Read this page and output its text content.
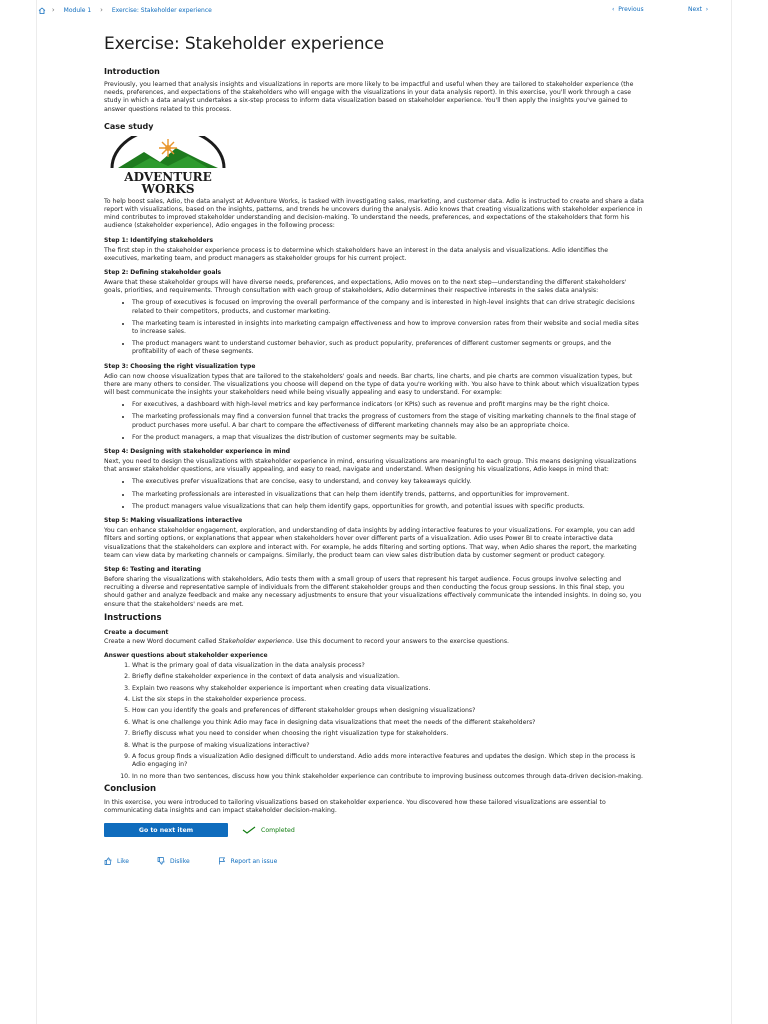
› Module 1 › Exercise: Stakeholder experience	‹  Previous	Next  ›
Exercise: Stakeholder experience
Introduction

Previously, you learned that analysis insights and visualizations in reports are more likely to be impactful and useful when they are tailored to stakeholder experience (the needs, preferences, and expectations of the stakeholders who will engage with the visualizations in your data analysis report). In this exercise, you'll work through a case study in which a data analyst undertakes a six-step process to inform data visualization based on stakeholder experience. You'll then apply the insights you've gained to answer questions related to this process.

Case study
ADVENTURE
WORKS

To help boost sales, Adio, the data analyst at Adventure Works, is tasked with investigating sales, marketing, and customer data. Adio is instructed to create and share a data report with visualizations, based on the insights, patterns, and trends he uncovers during the analysis. Adio knows that creating visualizations with stakeholder experience in mind contributes to improved stakeholder understanding and decision-making. To understand the needs, preferences, and expectations of the stakeholders that form his audience (stakeholder experience), Adio engages in the following process:

Step 1: Identifying stakeholders

The first step in the stakeholder experience process is to determine which stakeholders have an interest in the data analysis and visualizations. Adio identifies the executives, marketing team, and product managers as stakeholder groups for his current project.

Step 2: Defining stakeholder goals

Aware that these stakeholder groups will have diverse needs, preferences, and expectations, Adio moves on to the next step—understanding the different stakeholders' goals, priorities, and requirements. Through consultation with each group of stakeholders, Adio determines their respective interests in the sales data analysis:

• The group of executives is focused on improving the overall performance of the company and is interested in high-level insights that can drive strategic decisions related to their competitors, products, and customer marketing.
• The marketing team is interested in insights into marketing campaign effectiveness and how to improve conversion rates from their website and social media sites to increase sales.
• The product managers want to understand customer behavior, such as product popularity, preferences of different customer segments or groups, and the profitability of each of these segments.
Step 3: Choosing the right visualization type

Adio can now choose visualization types that are tailored to the stakeholders' goals and needs. Bar charts, line charts, and pie charts are common visualization types, but there are many others to consider. The visualizations you choose will depend on the type of data you're working with. You also have to think about which visualization types will best communicate the insights your stakeholders need while being visually appealing and easy to understand. For example:

• For executives, a dashboard with high-level metrics and key performance indicators (or KPIs) such as revenue and profit margins may be the right choice.
• The marketing professionals may find a conversion funnel that tracks the progress of customers from the stage of visiting marketing channels to the final stage of product purchases more useful. A bar chart to compare the effectiveness of different marketing channels may also be an appropriate choice.
• For the product managers, a map that visualizes the distribution of customer segments may be suitable.
Step 4: Designing with stakeholder experience in mind

Next, you need to design the visualizations with stakeholder experience in mind, ensuring visualizations are meaningful to each group. This means designing visualizations that answer stakeholder questions, are visually appealing, and easy to read, navigate and understand. When designing his visualizations, Adio keeps in mind that:

• The executives prefer visualizations that are concise, easy to understand, and convey key takeaways quickly.
• The marketing professionals are interested in visualizations that can help them identify trends, patterns, and opportunities for improvement.
• The product managers value visualizations that can help them identify gaps, opportunities for growth, and potential issues with specific products.
Step 5: Making visualizations interactive

You can enhance stakeholder engagement, exploration, and understanding of data insights by adding interactive features to your visualizations. For example, you can add filters and sorting options, or explanations that appear when stakeholders hover over different parts of a visualization. Adio uses Power BI to create interactive data visualizations that the stakeholders can explore and interact with. For example, he adds filtering and sorting options. That way, when Adio shares the report, the marketing team can view data by marketing channels or campaigns. Similarly, the product team can view sales distribution data by customer segment or product category.

Step 6: Testing and iterating

Before sharing the visualizations with stakeholders, Adio tests them with a small group of users that represent his target audience. Focus groups involve selecting and recruiting a diverse and representative sample of individuals from the different stakeholder groups and then conducting the focus group sessions. In this final step, you should gather and analyze feedback and make any necessary adjustments to ensure that your visualizations effectively communicate the intended insights. In doing so, you ensure that the stakeholders' needs are met.

Instructions
Create a document

Create a new Word document called Stakeholder experience. Use this document to record your answers to the exercise questions.

Answer questions about stakeholder experience
1. What is the primary goal of data visualization in the data analysis process?
2. Briefly define stakeholder experience in the context of data analysis and visualization.
3. Explain two reasons why stakeholder experience is important when creating data visualizations.
4. List the six steps in the stakeholder experience process.
5. How can you identify the goals and preferences of different stakeholder groups when designing visualizations?
6. What is one challenge you think Adio may face in designing data visualizations that meet the needs of the different stakeholders?
7. Briefly discuss what you need to consider when choosing the right visualization type for stakeholders.
8. What is the purpose of making visualizations interactive?
9. A focus group finds a visualization Adio designed difficult to understand. Adio adds more interactive features and updates the design. Which step in the process is Adio engaging in?
10. In no more than two sentences, discuss how you think stakeholder experience can contribute to improving business outcomes through data-driven decision-making.
Conclusion

In this exercise, you were introduced to tailoring visualizations based on stakeholder experience. You discovered how these tailored visualizations are essential to communicating data insights and can impact stakeholder decision-making.

Go to next item	Completed
Like	Dislike	Report an issue
